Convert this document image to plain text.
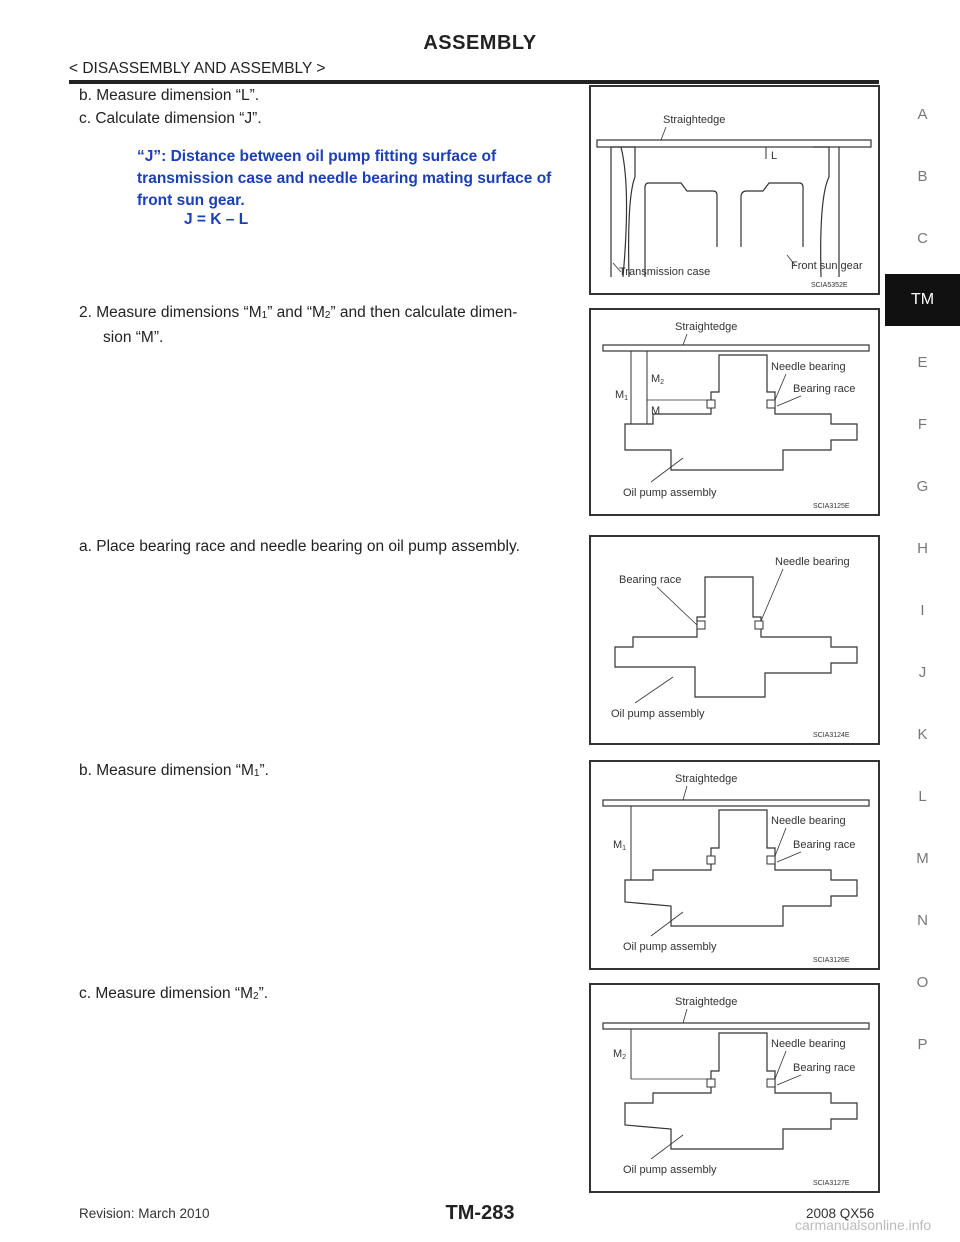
ASSEMBLY
< DISASSEMBLY AND ASSEMBLY >
A
B
C
TM
E
F
G
H
I
J
K
L
M
N
O
P
b. Measure dimension “L”.
c. Calculate dimension “J”.
“J”: Distance between oil pump fitting surface of transmission case and needle bearing mating surface of front sun gear.
J = K – L
2. Measure dimensions “$M_1$” and “$M_2$” and then calculate dimen-
sion “M”.
a. Place bearing race and needle bearing on oil pump assembly.
b. Measure dimension “$M_1$”.
c. Measure dimension “$M_2$”.
Straightedge
L
Transmission case	Front sun gear
SCIA5352E
Straightedge
Needle bearing
Bearing race
M1
M2
M
Oil pump assembly
SCIA3125E
Needle bearing
Bearing race
Oil pump assembly
SCIA3124E
Straightedge
Needle bearing
Bearing race
M1
Oil pump assembly
SCIA3126E
Straightedge
Needle bearing
Bearing race
M2
Oil pump assembly
SCIA3127E
Revision: March 2010	TM-283	2008 QX56
carmanualsonline.info
